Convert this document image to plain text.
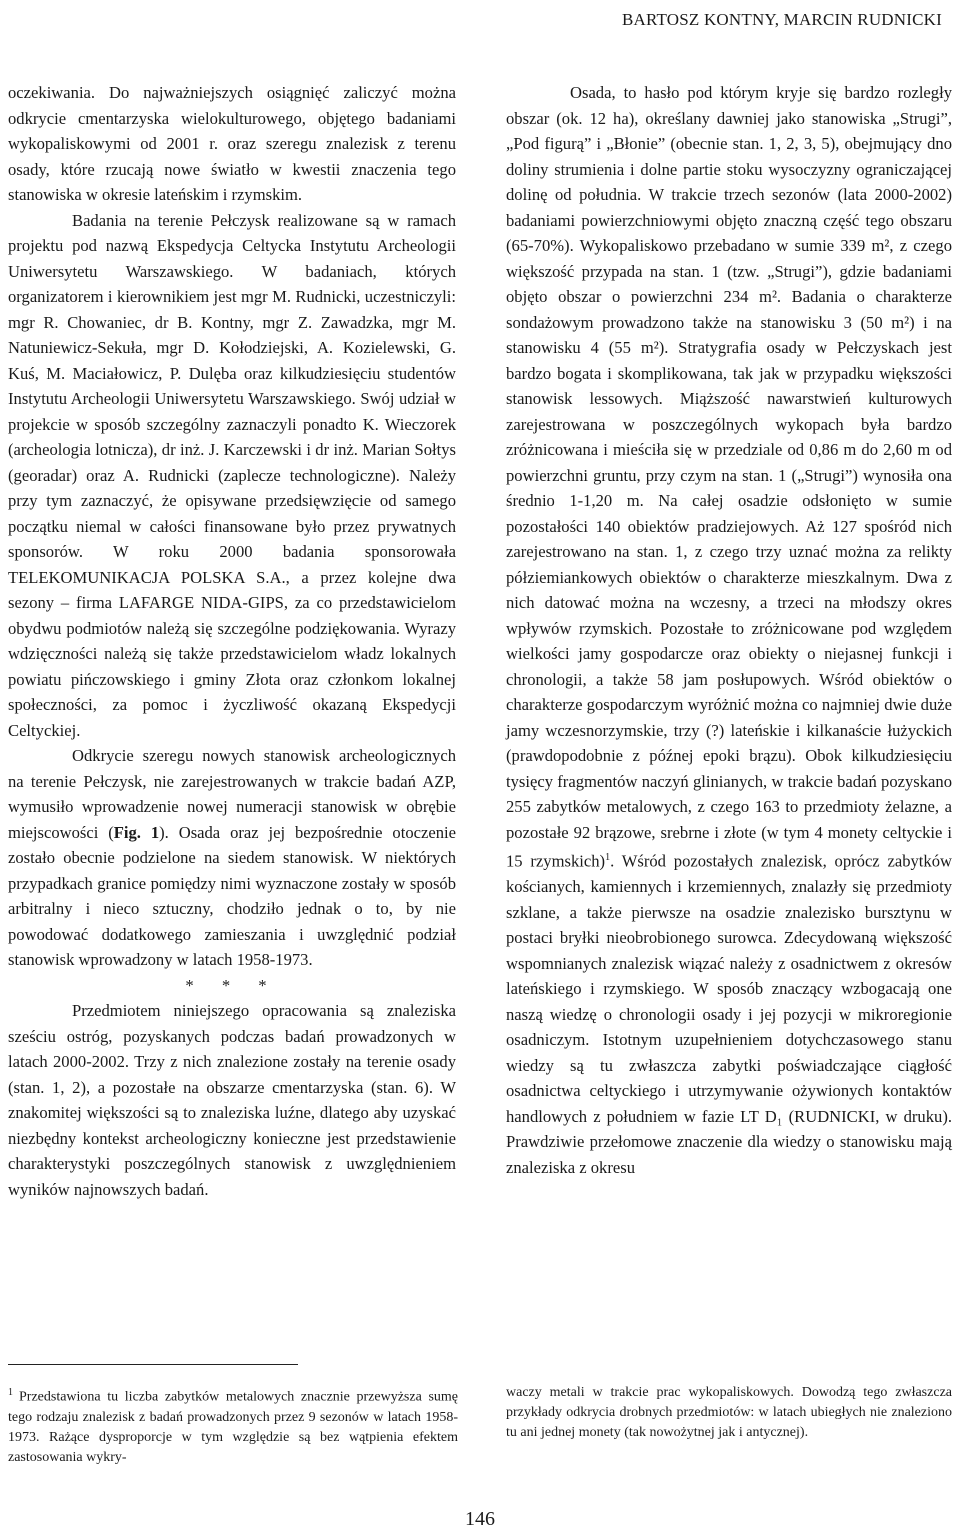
BARTOSZ KONTNY, MARCIN RUDNICKI

oczekiwania. Do najważniejszych osiągnięć zaliczyć można odkrycie cmentarzyska wielokulturowego, objętego badaniami wykopaliskowymi od 2001 r. oraz szeregu znalezisk z terenu osady, które rzucają nowe światło w kwestii znaczenia tego stanowiska w okresie lateńskim i rzymskim.

Badania na terenie Pełczysk realizowane są w ramach projektu pod nazwą Ekspedycja Celtycka Instytutu Archeologii Uniwersytetu Warszawskiego. W badaniach, których organizatorem i kierownikiem jest mgr M. Rudnicki, uczestniczyli: mgr R. Chowaniec, dr B. Kontny, mgr Z. Zawadzka, mgr M. Natuniewicz-Sekuła, mgr D. Kołodziejski, A. Kozielewski, G. Kuś, M. Maciałowicz, P. Dulęba oraz kilkudziesięciu studentów Instytutu Archeologii Uniwersytetu Warszawskiego. Swój udział w projekcie w sposób szczególny zaznaczyli ponadto K. Wieczorek (archeologia lotnicza), dr inż. J. Karczewski i dr inż. Marian Sołtys (georadar) oraz A. Rudnicki (zaplecze technologiczne). Należy przy tym zaznaczyć, że opisywane przedsięwzięcie od samego początku niemal w całości finansowane było przez prywatnych sponsorów. W roku 2000 badania sponsorowała TELEKOMUNIKACJA POLSKA S.A., a przez kolejne dwa sezony – firma LAFARGE NIDA-GIPS, za co przedstawicielom obydwu podmiotów należą się szczególne podziękowania. Wyrazy wdzięczności należą się także przedstawicielom władz lokalnych powiatu pińczowskiego i gminy Złota oraz członkom lokalnej społeczności, za pomoc i życzliwość okazaną Ekspedycji Celtyckiej.

Odkrycie szeregu nowych stanowisk archeologicznych na terenie Pełczysk, nie zarejestrowanych w trakcie badań AZP, wymusiło wprowadzenie nowej numeracji stanowisk w obrębie miejscowości (Fig. 1). Osada oraz jej bezpośrednie otoczenie zostało obecnie podzielone na siedem stanowisk. W niektórych przypadkach granice pomiędzy nimi wyznaczone zostały w sposób arbitralny i nieco sztuczny, chodziło jednak o to, by nie powodować dodatkowego zamieszania i uwzględnić podział stanowisk wprowadzony w latach 1958-1973.

* * *

Przedmiotem niniejszego opracowania są znaleziska sześciu ostróg, pozyskanych podczas badań prowadzonych w latach 2000-2002. Trzy z nich znalezione zostały na terenie osady (stan. 1, 2), a pozostałe na obszarze cmentarzyska (stan. 6). W znakomitej większości są to znaleziska luźne, dlatego aby uzyskać niezbędny kontekst archeologiczny konieczne jest przedstawienie charakterystyki poszczególnych stanowisk z uwzględnieniem wyników najnowszych badań.

Osada, to hasło pod którym kryje się bardzo rozległy obszar (ok. 12 ha), określany dawniej jako stanowiska „Strugi”, „Pod figurą” i „Błonie” (obecnie stan. 1, 2, 3, 5), obejmujący dno doliny strumienia i dolne partie stoku wysoczyzny ograniczającej dolinę od południa. W trakcie trzech sezonów (lata 2000-2002) badaniami powierzchniowymi objęto znaczną część tego obszaru (65-70%). Wykopaliskowo przebadano w sumie 339 m², z czego większość przypada na stan. 1 (tzw. „Strugi”), gdzie badaniami objęto obszar o powierzchni 234 m². Badania o charakterze sondażowym prowadzono także na stanowisku 3 (50 m²) i na stanowisku 4 (55 m²). Stratygrafia osady w Pełczyskach jest bardzo bogata i skomplikowana, tak jak w przypadku większości stanowisk lessowych. Miąższość nawarstwień kulturowych zarejestrowana w poszczególnych wykopach była bardzo zróżnicowana i mieściła się w przedziale od 0,86 m do 2,60 m od powierzchni gruntu, przy czym na stan. 1 („Strugi”) wynosiła ona średnio 1-1,20 m. Na całej osadzie odsłonięto w sumie pozostałości 140 obiektów pradziejowych. Aż 127 spośród nich zarejestrowano na stan. 1, z czego trzy uznać można za relikty półziemiankowych obiektów o charakterze mieszkalnym. Dwa z nich datować można na wczesny, a trzeci na młodszy okres wpływów rzymskich. Pozostałe to zróżnicowane pod względem wielkości jamy gospodarcze oraz obiekty o niejasnej funkcji i chronologii, a także 58 jam posłupowych. Wśród obiektów o charakterze gospodarczym wyróżnić można co najmniej dwie duże jamy wczesnorzymskie, trzy (?) lateńskie i kilkanaście łużyckich (prawdopodobnie z późnej epoki brązu). Obok kilkudziesięciu tysięcy fragmentów naczyń glinianych, w trakcie badań pozyskano 255 zabytków metalowych, z czego 163 to przedmioty żelazne, a pozostałe 92 brązowe, srebrne i złote (w tym 4 monety celtyckie i 15 rzymskich)$^1$. Wśród pozostałych znalezisk, oprócz zabytków kościanych, kamiennych i krzemiennych, znalazły się przedmioty szklane, a także pierwsze na osadzie znalezisko bursztynu w postaci bryłki nieobrobionego surowca. Zdecydowaną większość wspomnianych znalezisk wiązać należy z osadnictwem z okresów lateńskiego i rzymskiego. W sposób znaczący wzbogacają one naszą wiedzę o chronologii osady i jej pozycji w mikroregionie osadniczym. Istotnym uzupełnieniem dotychczasowego stanu wiedzy są tu zwłaszcza zabytki poświadczające ciągłość osadnictwa celtyckiego i utrzymywanie ożywionych kontaktów handlowych z południem w fazie LT D₁ (RUDNICKI, w druku). Prawdziwie przełomowe znaczenie dla wiedzy o stanowisku mają znaleziska z okresu

$^1$ Przedstawiona tu liczba zabytków metalowych znacznie przewyższa sumę tego rodzaju znalezisk z badań prowadzonych przez 9 sezonów w latach 1958-1973. Rażące dysproporcje w tym względzie są bez wątpienia efektem zastosowania wykry-
waczy metali w trakcie prac wykopaliskowych. Dowodzą tego zwłaszcza przykłady odkrycia drobnych przedmiotów: w latach ubiegłych nie znaleziono tu ani jednej monety (tak nowożytnej jak i antycznej).
146
